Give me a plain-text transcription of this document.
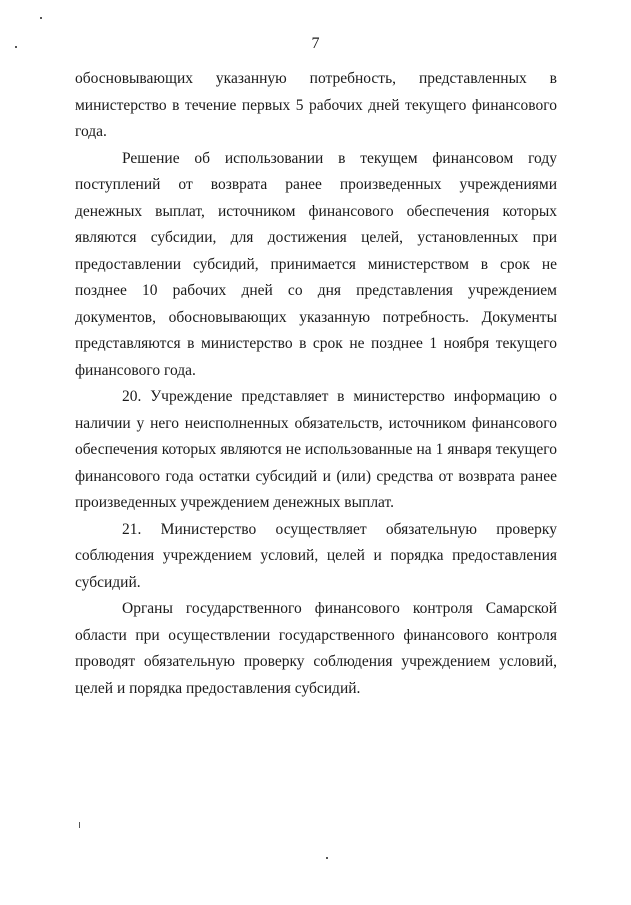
7

обосновывающих указанную потребность, представленных в министерство в течение первых 5 рабочих дней текущего финансового года.

Решение об использовании в текущем финансовом году поступлений от возврата ранее произведенных учреждениями денежных выплат, источником финансового обеспечения которых являются субсидии, для достижения целей, установленных при предоставлении субсидий, принимается министерством в срок не позднее 10 рабочих дней со дня представления учреждением документов, обосновывающих указанную потребность. Документы представляются в министерство в срок не позднее 1 ноября текущего финансового года.

20. Учреждение представляет в министерство информацию о наличии у него неисполненных обязательств, источником финансового обеспечения которых являются не использованные на 1 января текущего финансового года остатки субсидий и (или) средства от возврата ранее произведенных учреждением денежных выплат.

21. Министерство осуществляет обязательную проверку соблюдения учреждением условий, целей и порядка предоставления субсидий.

Органы государственного финансового контроля Самарской области при осуществлении государственного финансового контроля проводят обязательную проверку соблюдения учреждением условий, целей и порядка предоставления субсидий.
